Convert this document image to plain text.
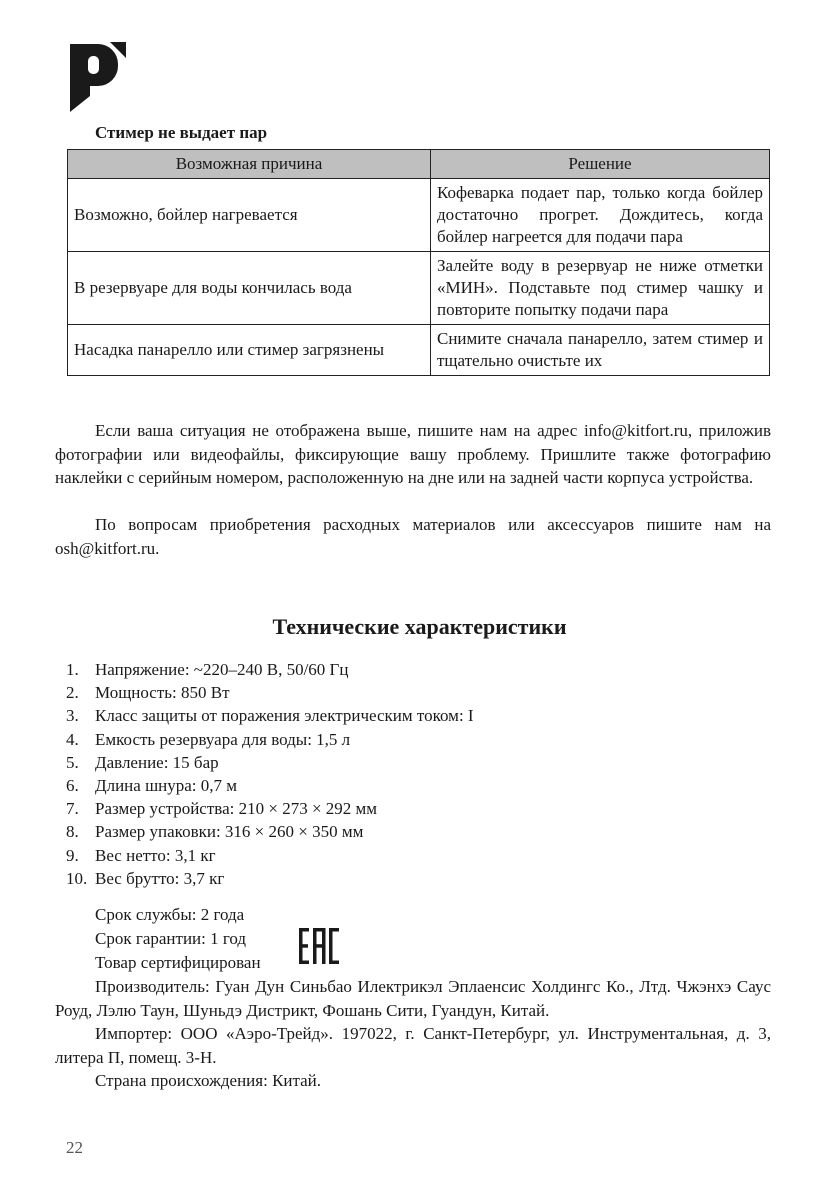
Стимер не выдает пар
Возможная причина	Решение
Возможно, бойлер нагревается	Кофеварка подает пар, только когда бойлер достаточно прогрет. Дождитесь, когда бойлер нагреется для подачи пара
В резервуаре для воды кончилась вода	Залейте воду в резервуар не ниже отметки «МИН». Подставьте под стимер чашку и повторите попытку подачи пара
Насадка панарелло или стимер загрязнены	Снимите сначала панарелло, затем стимер и тщательно очистьте их

Если ваша ситуация не отображена выше, пишите нам на адрес info@kitfort.ru, приложив фотографии или видеофайлы, фиксирующие вашу проблему. Пришлите также фотографию наклейки с серийным номером, расположенную на дне или на задней части корпуса устройства.

По вопросам приобретения расходных материалов или аксессуаров пишите нам на osh@kitfort.ru.

Технические характеристики
1. Напряжение: ~220–240 В, 50/60 Гц
2. Мощность: 850 Вт
3. Класс защиты от поражения электрическим током: I
4. Емкость резервуара для воды: 1,5 л
5. Давление: 15 бар
6. Длина шнура: 0,7 м
7. Размер устройства: 210 × 273 × 292 мм
8. Размер упаковки: 316 × 260 × 350 мм
9. Вес нетто: 3,1 кг
10. Вес брутто: 3,7 кг

Срок службы: 2 года

Срок гарантии: 1 год

Товар сертифицирован

Производитель: Гуан Дун Синьбао Илектрикэл Эплаенсис Холдингс Ко., Лтд. Чжэнхэ Саус Роуд, Лэлю Таун, Шуньдэ Дистрикт, Фошань Сити, Гуандун, Китай.

Импортер: ООО «Аэро-Трейд». 197022, г. Санкт-Петербург, ул. Инструментальная, д. 3, литера П, помещ. 3-Н.

Страна происхождения: Китай.

22
